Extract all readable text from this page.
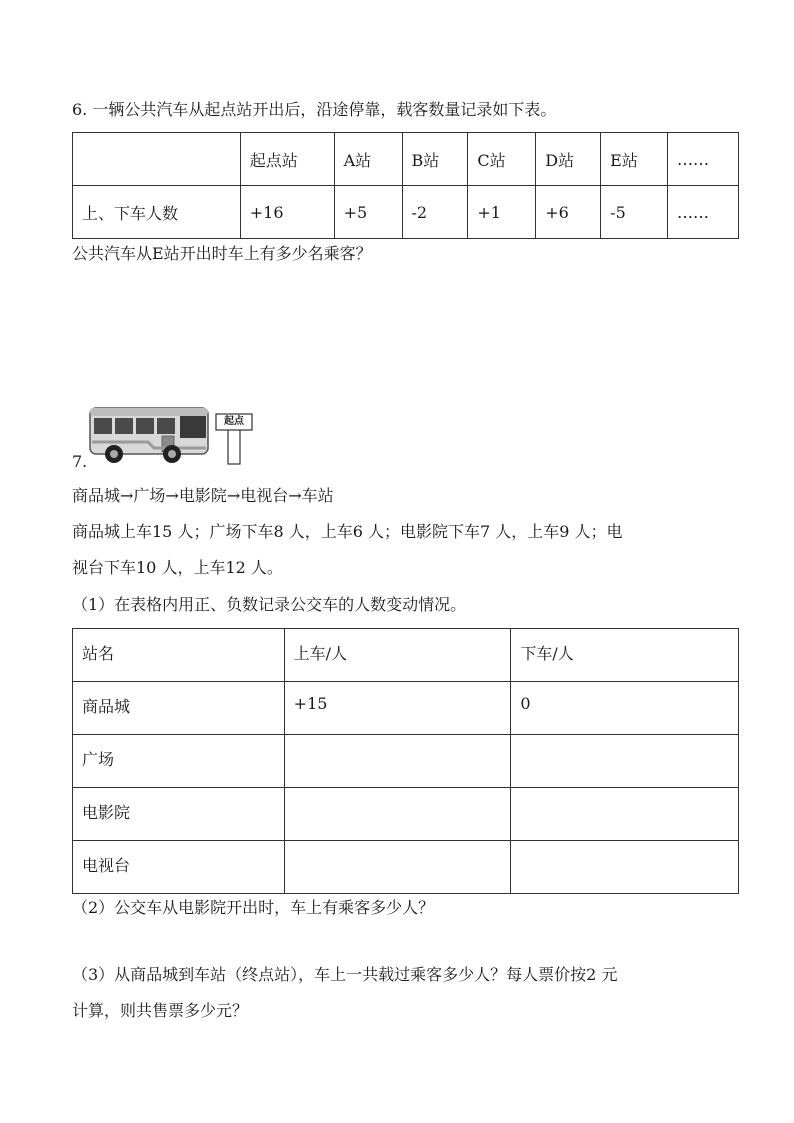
6. 一辆公共汽车从起点站开出后，沿途停靠，载客数量记录如下表。
	起点站	A站	B站	C站	D站	E站	……
上、下车人数	+16	+5	-2	+1	+6	-5	……
公共汽车从E站开出时车上有多少名乘客？
起点
7.
商品城→广场→电影院→电视台→车站
商品城上车15 人；广场下车8 人，上车6 人；电影院下车7 人，上车9 人；电
视台下车10 人，上车12 人。
（1）在表格内用正、负数记录公交车的人数变动情况。
站名	上车/人	下车/人
商品城	+15	0
广场		
电影院		
电视台		
（2）公交车从电影院开出时，车上有乘客多少人？
（3）从商品城到车站（终点站），车上一共载过乘客多少人？每人票价按2 元
计算，则共售票多少元？
